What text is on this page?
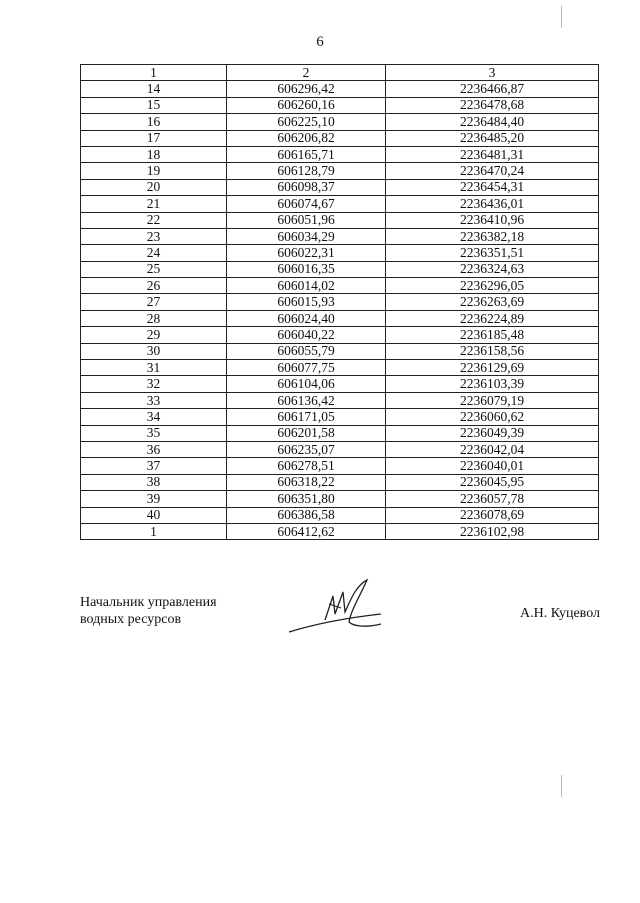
6
1	2	3
14	606296,42	2236466,87
15	606260,16	2236478,68
16	606225,10	2236484,40
17	606206,82	2236485,20
18	606165,71	2236481,31
19	606128,79	2236470,24
20	606098,37	2236454,31
21	606074,67	2236436,01
22	606051,96	2236410,96
23	606034,29	2236382,18
24	606022,31	2236351,51
25	606016,35	2236324,63
26	606014,02	2236296,05
27	606015,93	2236263,69
28	606024,40	2236224,89
29	606040,22	2236185,48
30	606055,79	2236158,56
31	606077,75	2236129,69
32	606104,06	2236103,39
33	606136,42	2236079,19
34	606171,05	2236060,62
35	606201,58	2236049,39
36	606235,07	2236042,04
37	606278,51	2236040,01
38	606318,22	2236045,95
39	606351,80	2236057,78
40	606386,58	2236078,69
1	606412,62	2236102,98
Начальник управления
водных ресурсов	А.Н. Куцевол
